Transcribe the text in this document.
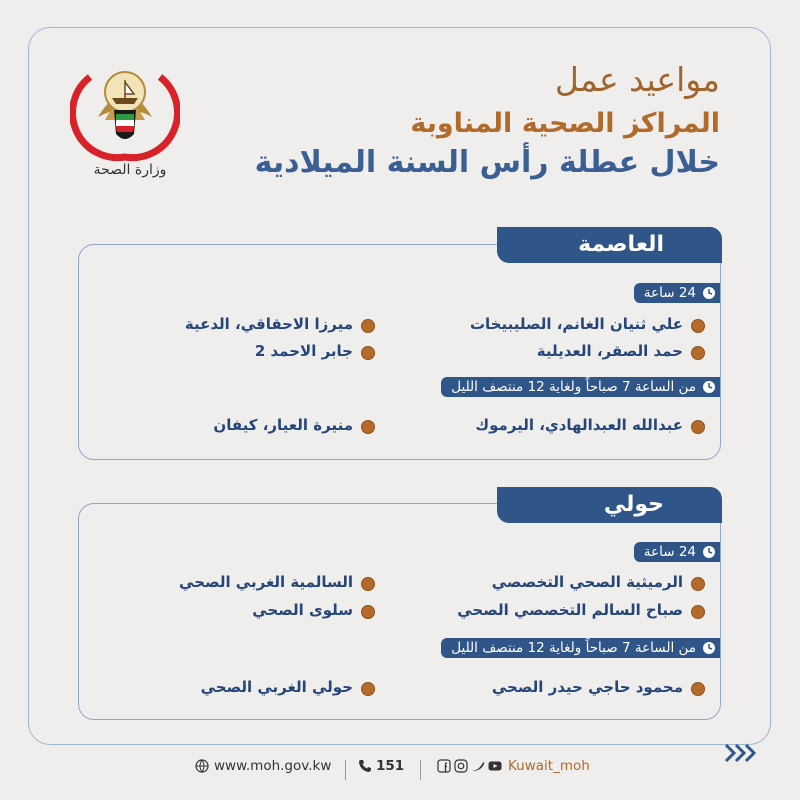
وزارة الصحة
مواعيد عمل
المراكز الصحية المناوبة
خلال عطلة رأس السنة الميلادية
العاصمة
24 ساعة
علي ثنيان الغانم، الصليبيخات
حمد الصقر، العديلية
ميرزا الاحقاقي، الدعية
جابر الاحمد 2
من الساعة 7 صباحاً ولغاية 12 منتصف الليل
عبدالله العبدالهادي، اليرموك
منيرة العيار، كيفان
حولي
24 ساعة
الرميثية الصحي التخصصي
صباح السالم التخصصي الصحي
السالمية الغربي الصحي
سلوى الصحي
من الساعة 7 صباحاً ولغاية 12 منتصف الليل
محمود حاجي حيدر الصحي
حولي الغربي الصحي
www.moh.gov.kw	151	Kuwait_moh
